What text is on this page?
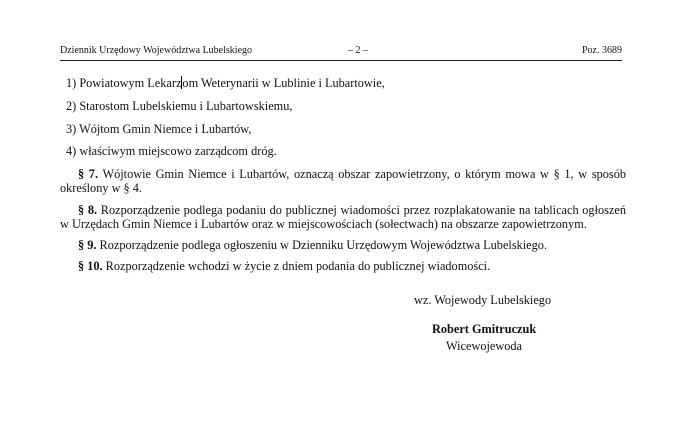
Dziennik Urzędowy Województwa Lubelskiego	– 2 –	Poz. 3689
1) Powiatowym Lekarzom Weterynarii w Lublinie i Lubartowie,
2) Starostom Lubelskiemu i Lubartowskiemu,
3) Wójtom Gmin Niemce i Lubartów,
4) właściwym miejscowo zarządcom dróg.
§ 7. Wójtowie Gmin Niemce i Lubartów, oznaczą obszar zapowietrzony, o którym mowa w § 1, w sposób określony w § 4.
§ 8. Rozporządzenie podlega podaniu do publicznej wiadomości przez rozplakatowanie na tablicach ogłoszeń w Urzędach Gmin Niemce i Lubartów oraz w miejscowościach (sołectwach) na obszarze zapowietrzonym.
§ 9. Rozporządzenie podlega ogłoszeniu w Dzienniku Urzędowym Województwa Lubelskiego.
§ 10. Rozporządzenie wchodzi w życie z dniem podania do publicznej wiadomości.
wz. Wojewody Lubelskiego
Robert Gmitruczuk
Wicewojewoda
